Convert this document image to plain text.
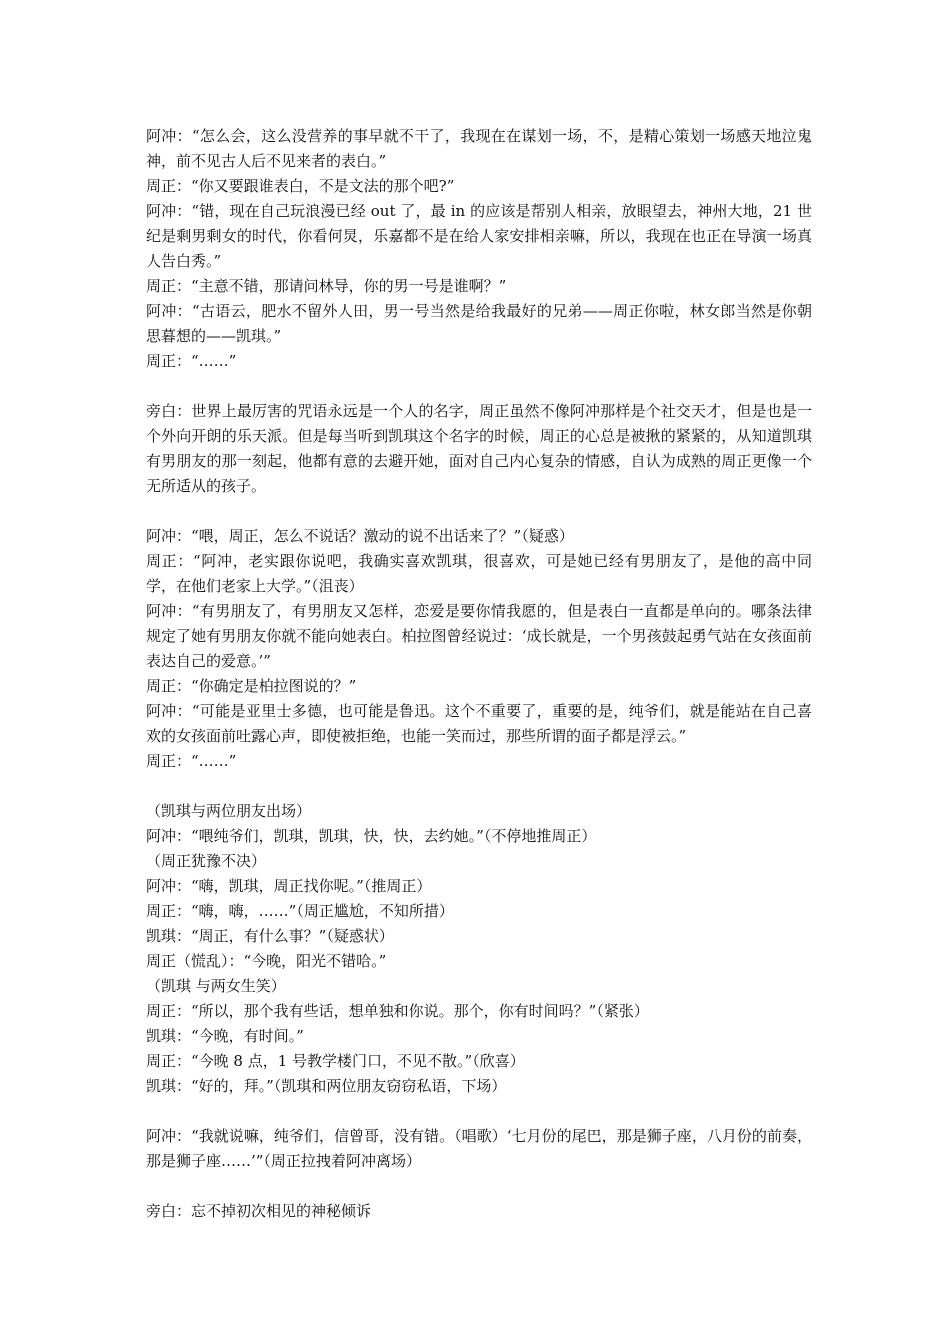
阿冲：“怎么会，这么没营养的事早就不干了，我现在在谋划一场，不，是精心策划一场感天地泣鬼神，前不见古人后不见来者的表白。”

周正：“你又要跟谁表白，不是文法的那个吧?”

阿冲：“错，现在自己玩浪漫已经 out 了，最 in 的应该是帮别人相亲，放眼望去，神州大地，21 世纪是剩男剩女的时代，你看何炅，乐嘉都不是在给人家安排相亲嘛，所以，我现在也正在导演一场真人告白秀。”

周正：“主意不错，那请问林导，你的男一号是谁啊？”

阿冲：“古语云，肥水不留外人田，男一号当然是给我最好的兄弟——周正你啦，林女郎当然是你朝思暮想的——凯琪。”

周正：“……”

旁白：世界上最厉害的咒语永远是一个人的名字，周正虽然不像阿冲那样是个社交天才，但是也是一个外向开朗的乐天派。但是每当听到凯琪这个名字的时候，周正的心总是被揪的紧紧的，从知道凯琪有男朋友的那一刻起，他都有意的去避开她，面对自己内心复杂的情感，自认为成熟的周正更像一个无所适从的孩子。

阿冲：“喂，周正，怎么不说话？激动的说不出话来了？”（疑惑）

周正：“阿冲，老实跟你说吧，我确实喜欢凯琪，很喜欢，可是她已经有男朋友了，是他的高中同学，在他们老家上大学。”（沮丧）

阿冲：“有男朋友了，有男朋友又怎样，恋爱是要你情我愿的，但是表白一直都是单向的。哪条法律规定了她有男朋友你就不能向她表白。柏拉图曾经说过：‘成长就是，一个男孩鼓起勇气站在女孩面前表达自己的爱意。’”

周正：“你确定是柏拉图说的？”

阿冲：“可能是亚里士多德，也可能是鲁迅。这个不重要了，重要的是，纯爷们，就是能站在自己喜欢的女孩面前吐露心声，即使被拒绝，也能一笑而过，那些所谓的面子都是浮云。”

周正：“……”

（凯琪与两位朋友出场）

阿冲：“喂纯爷们，凯琪，凯琪，快，快，去约她。”（不停地推周正）

（周正犹豫不决）

阿冲：“嗨，凯琪，周正找你呢。”（推周正）

周正：“嗨，嗨，……”（周正尴尬，不知所措）

凯琪：“周正，有什么事？”（疑惑状）

周正（慌乱）：“今晚，阳光不错哈。”

（凯琪 与两女生笑）

周正：“所以，那个我有些话，想单独和你说。那个，你有时间吗？”（紧张）

凯琪：“今晚，有时间。”

周正：“今晚 8 点，1 号教学楼门口，不见不散。”（欣喜）

凯琪：“好的，拜。”（凯琪和两位朋友窃窃私语，下场）

阿冲：“我就说嘛，纯爷们，信曾哥，没有错。（唱歌）‘七月份的尾巴，那是狮子座，八月份的前奏，那是狮子座……’”（周正拉拽着阿冲离场）

旁白：忘不掉初次相见的神秘倾诉
